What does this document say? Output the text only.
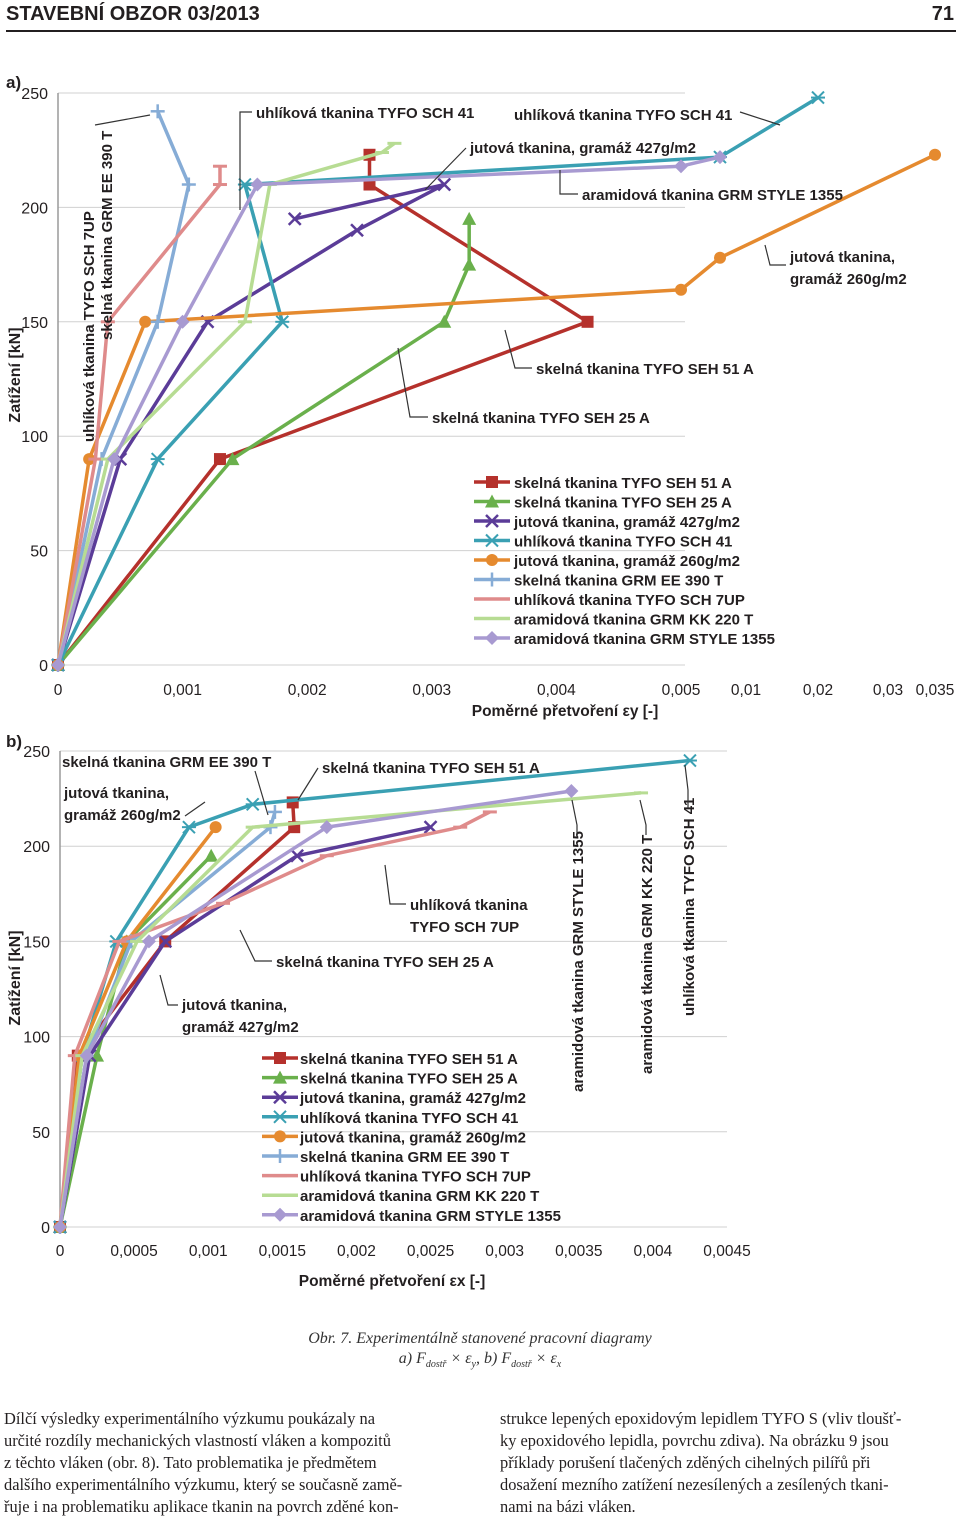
STAVEBNÍ OBZOR 03/2013	71
a)
0
50
100
150
200
250
0	0,001	0,002	0,003	0,004	0,005 0,01	0,02	0,03 0,035
Poměrné přetvoření εy [-]
Zatížení [kN]
skelná tkanina GRM EE 390 T
uhlíková tkanina TYFO SCH 7UP
uhlíková tkanina TYFO SCH 41	uhlíková tkanina TYFO SCH 41
jutová tkanina, gramáž 427g/m2
aramidová tkanina GRM STYLE 1355
jutová tkanina,
gramáž 260g/m2
skelná tkanina TYFO SEH 51 A
skelná tkanina TYFO SEH 25 A
skelná tkanina TYFO SEH 51 A
skelná tkanina TYFO SEH 25 A
jutová tkanina, gramáž 427g/m2
uhlíková tkanina TYFO SCH 41
jutová tkanina, gramáž 260g/m2
skelná tkanina GRM EE 390 T
uhlíková tkanina TYFO SCH 7UP
aramidová tkanina GRM KK 220 T
aramidová tkanina GRM STYLE 1355
b)
0
50
100
150
200
250
0	0,0005 0,001 0,0015 0,002 0,0025 0,003 0,0035 0,004 0,0045
Poměrné přetvoření εx [-]
Zatížení [kN]
skelná tkanina GRM EE 390 T
jutová tkanina,
gramáž 260g/m2
skelná tkanina TYFO SEH 51 A
uhlíková tkanina
TYFO SCH 7UP
skelná tkanina TYFO SEH 25 A
jutová tkanina,
gramáž 427g/m2	aramidová tkanina GRM STYLE 1355	aramidová tkanina GRM KK 220 T uhlíková tkanina TYFO SCH 41
skelná tkanina TYFO SEH 51 A
skelná tkanina TYFO SEH 25 A
jutová tkanina, gramáž 427g/m2
uhlíková tkanina TYFO SCH 41
jutová tkanina, gramáž 260g/m2
skelná tkanina GRM EE 390 T
uhlíková tkanina TYFO SCH 7UP
aramidová tkanina GRM KK 220 T
aramidová tkanina GRM STYLE 1355
Obr. 7. Experimentálně stanovené pracovní diagramy
a) $F_{dostř} \times \varepsilon_y$, b) $F_{dostř} \times \varepsilon_x$
Dílčí výsledky experimentálního výzkumu poukázaly na
určité rozdíly mechanických vlastností vláken a kompozitů
z těchto vláken (obr. 8). Tato problematika je předmětem
dalšího experimentálního výzkumu, který se současně zamě-
řuje i na problematiku aplikace tkanin na povrch zděné kon-
strukce lepených epoxidovým lepidlem TYFO S (vliv tloušť-
ky epoxidového lepidla, povrchu zdiva). Na obrázku 9 jsou
příklady porušení tlačených zděných cihelných pilířů při
dosažení mezního zatížení nezesílených a zesílených tkani-
nami na bázi vláken.
